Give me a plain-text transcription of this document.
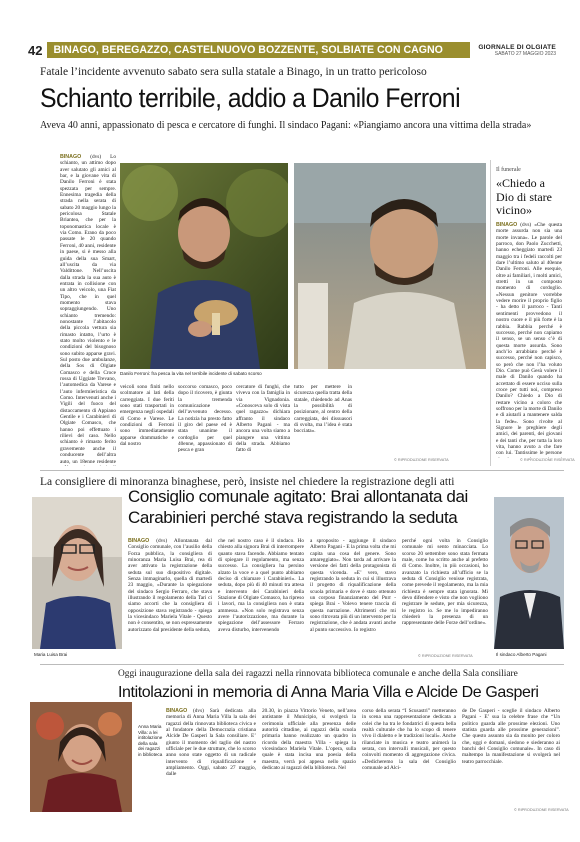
42	BINAGO, BEREGAZZO, CASTELNUOVO BOZZENTE, SOLBIATE CON CAGNO	GIORNALE DI OLGIATE
SABATO 27 MAGGIO 2023
Fatale l’incidente avvenuto sabato sera sulla statale a Binago, in un tratto pericoloso
Schianto terribile, addio a Danilo Ferroni
Aveva 40 anni, appassionato di pesca e cercatore di funghi. Il sindaco Pagani: «Piangiamo ancora una vittima della strada»
BINAGO (dvs) Lo schianto, un attimo dopo aver salutato gli amici al bar, e la giovane vita di Danilo Ferroni è stata spezzata per sempre. Ennesima tragedia della strada nella serata di sabato 20 maggio lungo la pericolosa Statale Briantea, che per la toponomastica locale è via Como. Erano da poco passate le 20 quando Ferroni, 40 anni, residente in paese, si è messo alla guida della sua Smart, all’uscita da via Valdittone. Nell’uscita dalla strada la sua auto è entrata in collisione con un altro veicolo, una Fiat Tipo, che in quel momento stava sopraggiungendo. Uno schianto tremendo: nonostante l’abitacolo della piccola vettura sia rimasto intatto, l’urto è stato molto violento e le condizioni del bisognoso sono subito apparse gravi. Sul posto due ambulanze, della Sos di Olgiate Comasco e della Croce rossa di Uggiate Trevano, l’automedica da Varese e l’auto infermieristica da Como. Intervenuti anche i Vigili del fuoco del distaccamento di Appiano Gentile e i Carabinieri di Olgiate Comasco, che hanno poi effettuato i rilievi del caso. Nello schianto è rimasto ferito gravemente anche il conducente dell’altra auto, un 18enne residente
Danilo Ferroni: fra pesca la vita nel terribile incidente di sabato scorso
veicoli sono finiti nello scolmatore ai lati della carreggiata. I due feriti sono stati trasportati in emergenza negli ospedali di Como e Varese. Le condizioni di Ferroni sono immediatamente apparse drammatiche e dal nostro
soccorso comasco, poco dopo il ricovero, è giunta la tremenda comunicazione dell’avvenuto decesso. La notizia ha presto fatto il giro del paese ed è stata unanime il cordoglio per quel 40enne, appassionato di pesca e gran
cercatore di funghi, che viveva con la famiglia in via Vignadonia. «Conosceva solo di vista quel ragazzo» dichiara affranto il sindaco Alberto Pagani - ma ancora una volta siamo a piangere una vittima della strada. Abbiamo fatto di
tutto per mettere in sicurezza quella tratta della statale, chiedendo ad Anas la possibilità di posizionare, al centro della carreggiata, dei dissuasori di svolta, ma l’idea è stata bocciata».
© RIPRODUZIONE RISERVATA
Il funerale
«Chiedo a Dio di stare vicino»
BINAGO (dvs) «Che questa morte assurda non sia una morte invana». Le parole del parroco, don Paolo Zucchetti, hanno echeggiato martedì 23 maggio tra i fedeli raccolti per dare l’ultimo saluto al 40enne Danilo Ferroni. Alle esequie, oltre ai familiari, i molti amici, stretti in un composto momento di cordoglio. «Nessun genitore vorrebbe vedere morire il proprio figlio - ha detto il parroco - Tanti sentimenti provvedono il nostro cuore e il più forte è la rabbia. Rabbia perché è successo, perché non capiamo il senso, se un senso c’è di questa morte assurda. Sono anch’io arrabbiato perché è successo, perché non capisco, so però che non l’ha voluto Dio. Come può Gesù volere il male di Danilo quando ha accettato di essere ucciso sulla croce per tutti noi, compreso Danilo? Chiedo a Dio di restare vicino a coloro che soffrono per la morte di Danilo e di aiutarli a mantenere salda la fede». Sono rivolte al Signore le preghiere degli amici, dei parenti, dei giovani e dei tanti che, per tutta la loro vita, hanno avuto a che fare con lui. Tantissime le persone
© RIPRODUZIONE RISERVATA
La consigliere di minoranza binaghese, però, insiste nel chiedere la registrazione degli atti
Maria Luisa Brai
Consiglio comunale agitato: Brai allontanata dai Carabinieri perché stava registrando la seduta
BINAGO (dvs) Allontanata dal Consiglio comunale, con l’ausilio della Forza pubblica, la consigliera di minoranza Maria Luisa Brai, rea di aver attivato la registrazione della seduta sul suo dispositivo digitale. Senza immaginarlo, quella di martedì 23 maggio, «Durante la spiegazione del sindaco Sergio Ferraro, che stava illustrando il regolamento della Tari ci siamo accorti che la consigliera di opposizione stava registrando - spiega la vicesindaco Mariela Vitale - Questo non è consentito, se non espressamente autorizzato dal presidente della seduta,
che nel nostro caso è il sindaco. Ho chiesto alla signora Brai di interrompere quanto stava facendo. Abbiamo tentato di spiegare il regolamento, ma senza successo. La consigliera ha persino alzato la voce e a quel punto abbiamo deciso di chiamare i Carabinieri». La seduta, dopo più di 40 minuti tra attesa e intervento dei Carabinieri della Stazione di Olgiate Comasco, ha ripreso i lavori, ma la consigliera non è stata ammessa. «Non solo registrava senza avere l’autorizzazione, ma durante la spiegazione dell’assessore Ferraro aveva disturbo, intervenendo
a sproposito - aggiunge il sindaco Alberto Pagani - E la prima volta che mi capita una cosa del genere. Sono amareggiato». Non tarda ad arrivare la versione dei fatti della protagonista di questa vicenda. «E’ vero, stavo registrando la seduta in cui si illustrava il progetto di riqualificazione della scuola primaria e dove è stato ottenuto un corposo finanziamento del Pnrr - spiega Brai - Volevo tenere traccia di questa narrazione. Altrimenti che mi sono ritrovata più di un intervento per la registrazione, che è andata avanti anche al punto successivo. Io registro
perché ogni volta in Consiglio comunale mi sento minacciata. Lo scorso 20 settembre sono stata fermata male, come ho scritto anche al prefetto di Como. Inoltre, in più occasioni, ho avanzato la richiesta all’ufficio se la seduta di Consiglio venisse registrata, come prevede il regolamento, ma la mia richiesta è sempre stata ignorata. Mi devo difendere e visto che non vogliono registrare le sedute, per mia sicurezza, le registro io. Se me lo impediranno chiederò la presenza di un rappresentante delle Forze dell’ordine».
© RIPRODUZIONE RISERVATA	Il sindaco Alberto Pagani
Oggi inaugurazione della sala dei ragazzi nella rinnovata biblioteca comunale e anche della Sala consiliare
Intitolazioni in memoria di Anna Maria Villa e Alcide De Gasperi
Anna Maria Villa: a lei intitolazione della sala dei ragazzi in biblioteca
BINAGO (dvs) Sarà dedicata alla memoria di Anna Maria Villa la sala dei ragazzi della rinnovata biblioteca civica e al fondatore della Democrazia cristiana Alcide De Gasperi la Sala consiliare. E’ giunto il momento del taglio del nastro ufficiale per le due strutture, che lo scorso anno sono state oggetto di un radicale intervento di riqualificazione e ampliamento. Oggi, sabato 27 maggio, dalle
20.30, in piazza Vittorio Veneto, nell’area antistante il Municipio, si svolgerà la cerimonia ufficiale alla presenza delle autorità cittadine, ai ragazzi della scuola primaria hanno realizzato un quadro in ricordo della maestra Villa - spiega la vicesindaco Mariela Vitale. L’opera, sulla quale è stata incisa una poesia della maestra, verrà poi appesa nello spazio dedicato ai ragazzi della biblioteca. Nel
corso della serata “I Scusastri” metteranno in scena una rappresentazione dedicata a colei che ha tra le fondatrici di questa bella realtà culturale che ha lo scopo di tenere vivo il dialetto e le tradizioni locali». Anche rilanciate in musica e teatro animerà la serata, con intervalli musicali, per questo coinvolti momento di aggregazione civica. «Dedicheremo la sala del Consiglio comunale ad Alci-
de De Gasperi - sceglie il sindaco Alberto Pagani - E’ sua la celebre frase che “Un politico guarda alle prossime elezioni. Uno statista guarda alle prossime generazioni”. Che questo assunto sia da monito per coloro che, oggi e domani, siedono e siederanno ai banchi del Consiglio comunale». In caso di maltempo la manifestazione si svolgerà nel teatro parrocchiale.
© RIPRODUZIONE RISERVATA
